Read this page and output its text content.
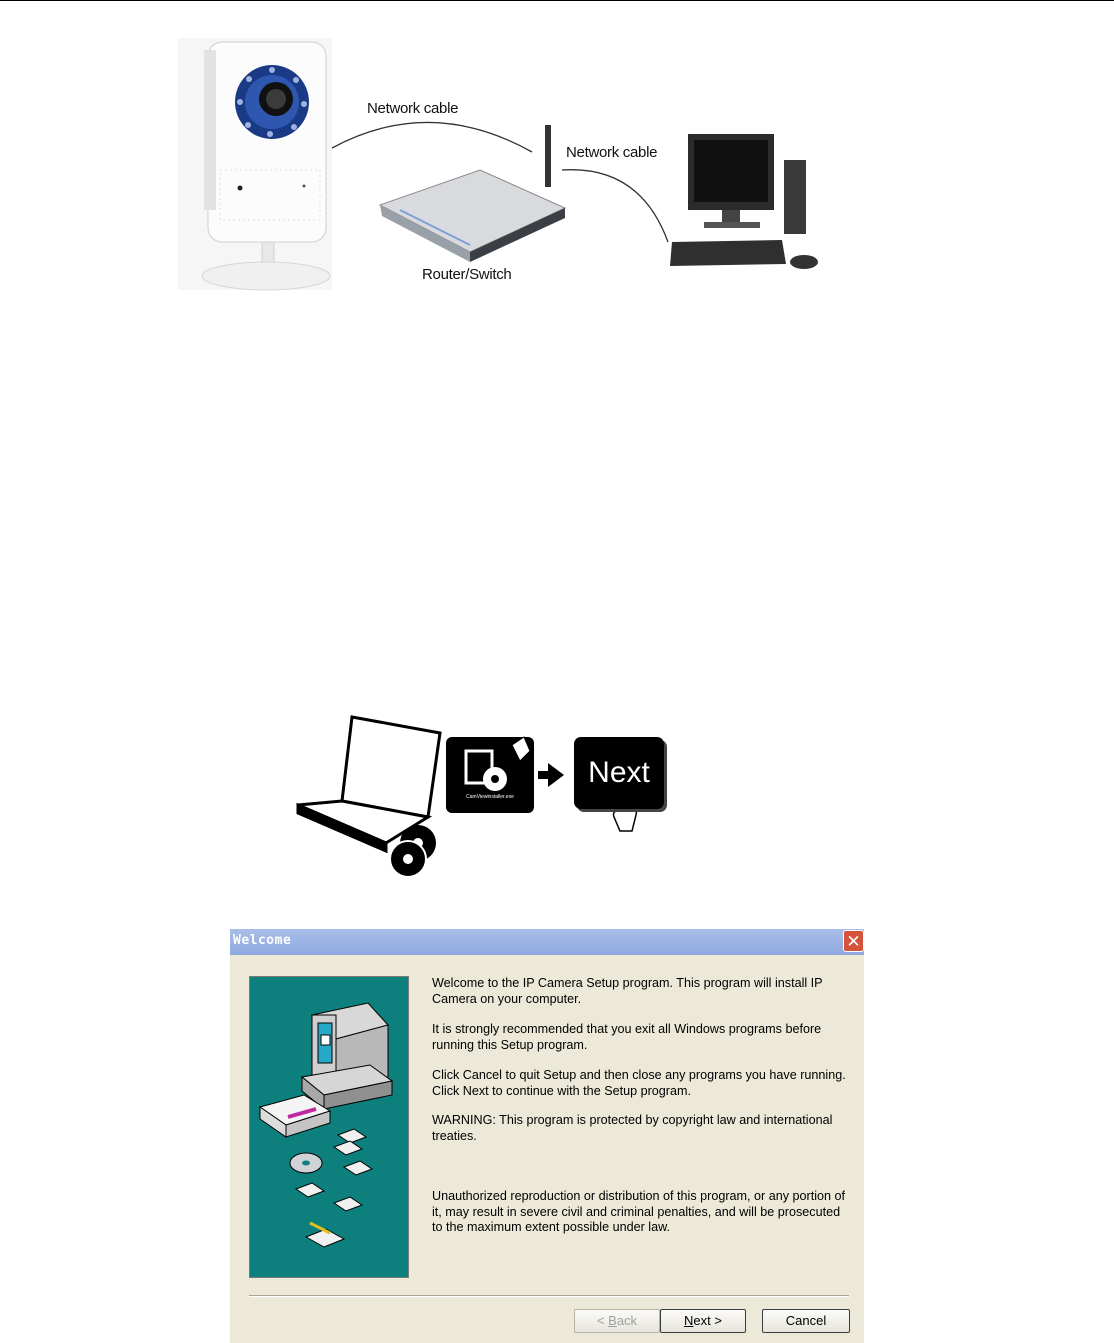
Network cable
Network cable
Router/Switch
CamViewinstaller.exe
Next
Welcome	✕

Welcome to the IP Camera Setup program. This program will install IP Camera on your computer.

It is strongly recommended that you exit all Windows programs before running this Setup program.

Click Cancel to quit Setup and then close any programs you have running. Click Next to continue with the Setup program.

WARNING: This program is protected by copyright law and international treaties.

Unauthorized reproduction or distribution of this program, or any portion of it, may result in severe civil and criminal penalties, and will be prosecuted to the maximum extent possible under law.

< Back	Next >	Cancel
